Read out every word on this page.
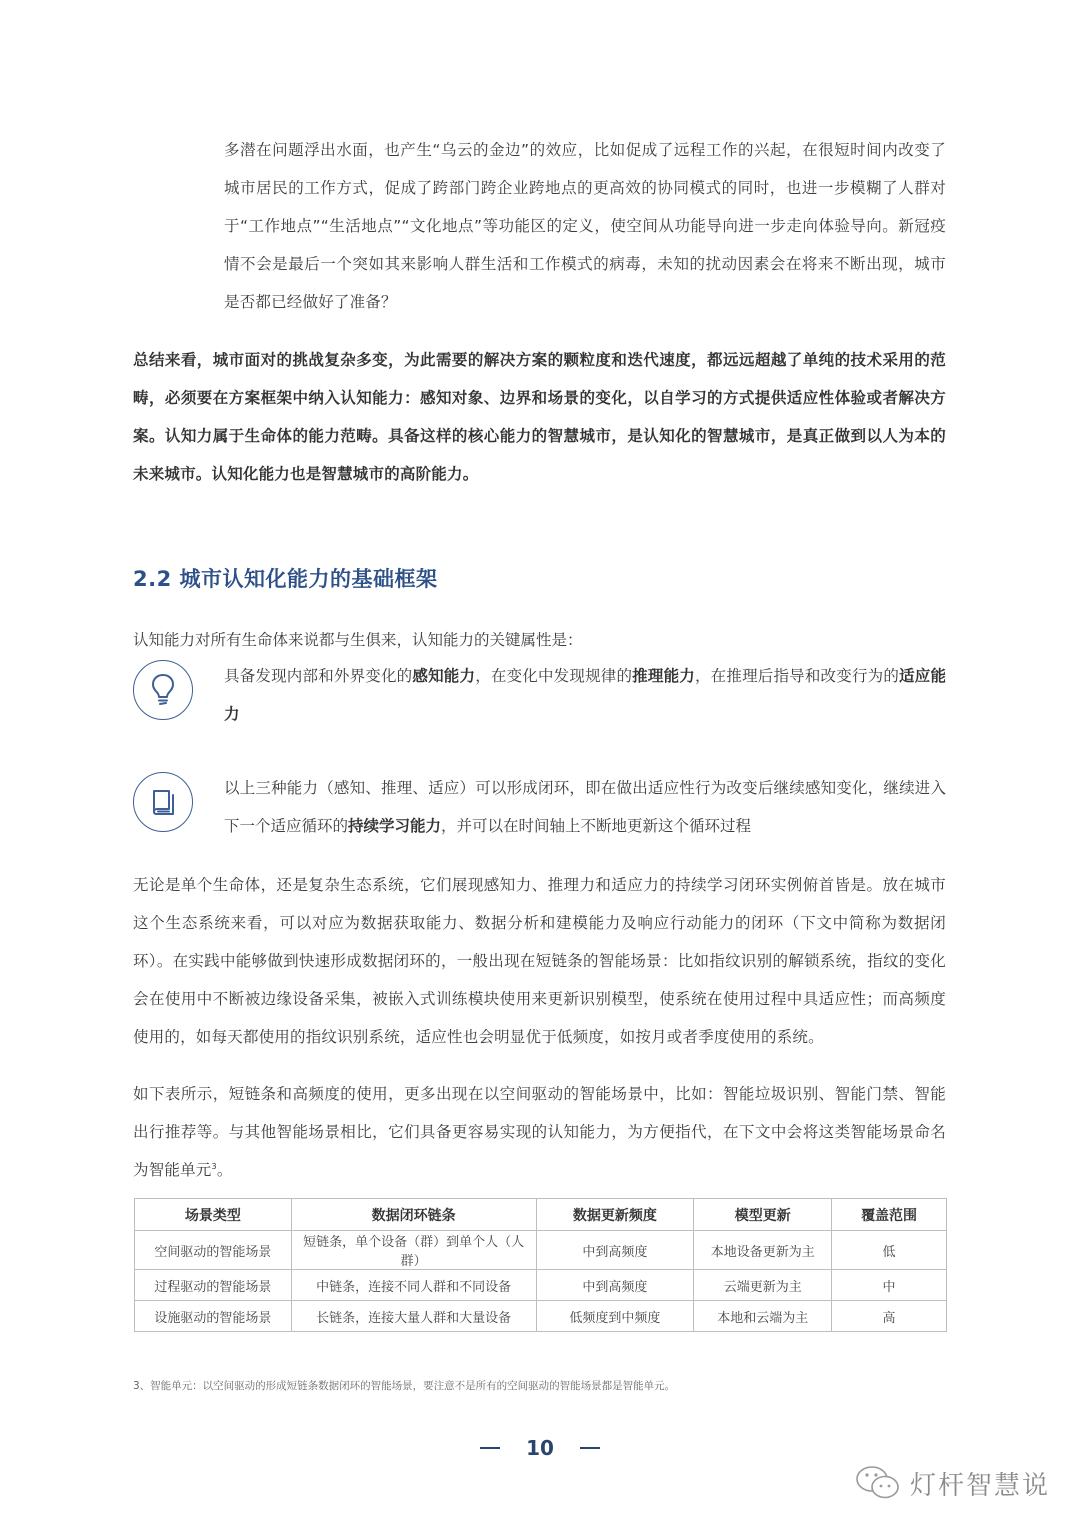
多潜在问题浮出水面，也产生“乌云的金边”的效应，比如促成了远程工作的兴起，在很短时间内改变了城市居民的工作方式，促成了跨部门跨企业跨地点的更高效的协同模式的同时，也进一步模糊了人群对于“工作地点”“生活地点”“文化地点”等功能区的定义，使空间从功能导向进一步走向体验导向。新冠疫情不会是最后一个突如其来影响人群生活和工作模式的病毒，未知的扰动因素会在将来不断出现，城市是否都已经做好了准备？

总结来看，城市面对的挑战复杂多变，为此需要的解决方案的颗粒度和迭代速度，都远远超越了单纯的技术采用的范畴，必须要在方案框架中纳入认知能力：感知对象、边界和场景的变化，以自学习的方式提供适应性体验或者解决方案。认知力属于生命体的能力范畴。具备这样的核心能力的智慧城市，是认知化的智慧城市，是真正做到以人为本的未来城市。认知化能力也是智慧城市的高阶能力。

2.2 城市认知化能力的基础框架
认知能力对所有生命体来说都与生俱来，认知能力的关键属性是：
具备发现内部和外界变化的感知能力，在变化中发现规律的推理能力，在推理后指导和改变行为的适应能力
以上三种能力（感知、推理、适应）可以形成闭环，即在做出适应性行为改变后继续感知变化，继续进入下一个适应循环的持续学习能力，并可以在时间轴上不断地更新这个循环过程

无论是单个生命体，还是复杂生态系统，它们展现感知力、推理力和适应力的持续学习闭环实例俯首皆是。放在城市这个生态系统来看，可以对应为数据获取能力、数据分析和建模能力及响应行动能力的闭环（下文中简称为数据闭环）。在实践中能够做到快速形成数据闭环的，一般出现在短链条的智能场景：比如指纹识别的解锁系统，指纹的变化会在使用中不断被边缘设备采集，被嵌入式训练模块使用来更新识别模型，使系统在使用过程中具适应性；而高频度使用的，如每天都使用的指纹识别系统，适应性也会明显优于低频度，如按月或者季度使用的系统。

如下表所示，短链条和高频度的使用，更多出现在以空间驱动的智能场景中，比如：智能垃圾识别、智能门禁、智能出行推荐等。与其他智能场景相比，它们具备更容易实现的认知能力，为方便指代，在下文中会将这类智能场景命名为智能单元$^3$。

场景类型	数据闭环链条	数据更新频度	模型更新	覆盖范围
空间驱动的智能场景	短链条，单个设备（群）到单个人（人群）	中到高频度	本地设备更新为主	低
过程驱动的智能场景	中链条，连接不同人群和不同设备	中到高频度	云端更新为主	中
设施驱动的智能场景	长链条，连接大量人群和大量设备	低频度到中频度	本地和云端为主	高
3、智能单元：以空间驱动的形成短链条数据闭环的智能场景，要注意不是所有的空间驱动的智能场景都是智能单元。
10
灯杆智慧说
